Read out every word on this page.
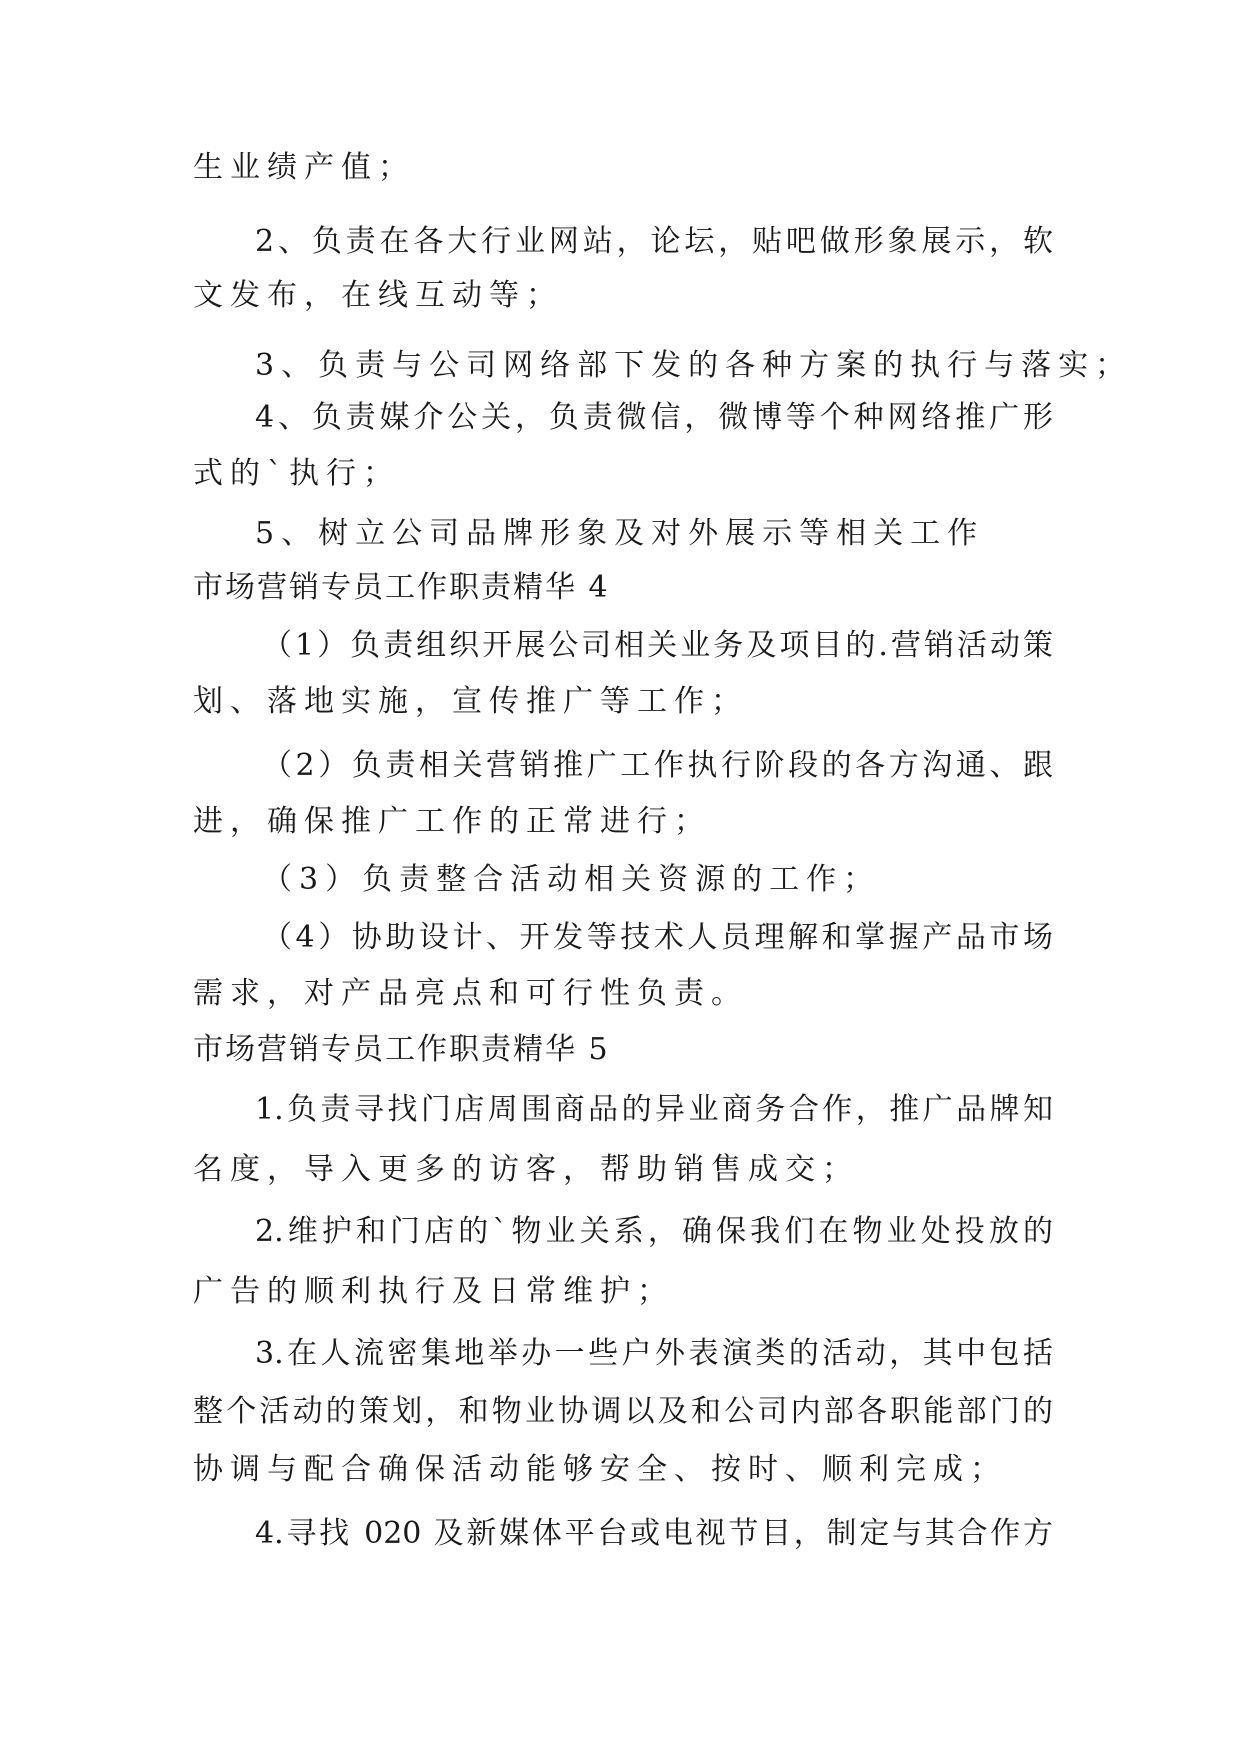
生业绩产值；
2、负责在各大行业网站，论坛，贴吧做形象展示，软
文发布，在线互动等；
3、负责与公司网络部下发的各种方案的执行与落实；
4、负责媒介公关，负责微信，微博等个种网络推广形
式的`执行；
5、树立公司品牌形象及对外展示等相关工作
市场营销专员工作职责精华 4
（1）负责组织开展公司相关业务及项目的.营销活动策
划、落地实施，宣传推广等工作；
（2）负责相关营销推广工作执行阶段的各方沟通、跟
进，确保推广工作的正常进行；
（3）负责整合活动相关资源的工作；
（4）协助设计、开发等技术人员理解和掌握产品市场
需求，对产品亮点和可行性负责。
市场营销专员工作职责精华 5
1.负责寻找门店周围商品的异业商务合作，推广品牌知
名度，导入更多的访客，帮助销售成交；
2.维护和门店的`物业关系，确保我们在物业处投放的
广告的顺利执行及日常维护；
3.在人流密集地举办一些户外表演类的活动，其中包括
整个活动的策划，和物业协调以及和公司内部各职能部门的
协调与配合确保活动能够安全、按时、顺利完成；
4.寻找 020 及新媒体平台或电视节目，制定与其合作方
